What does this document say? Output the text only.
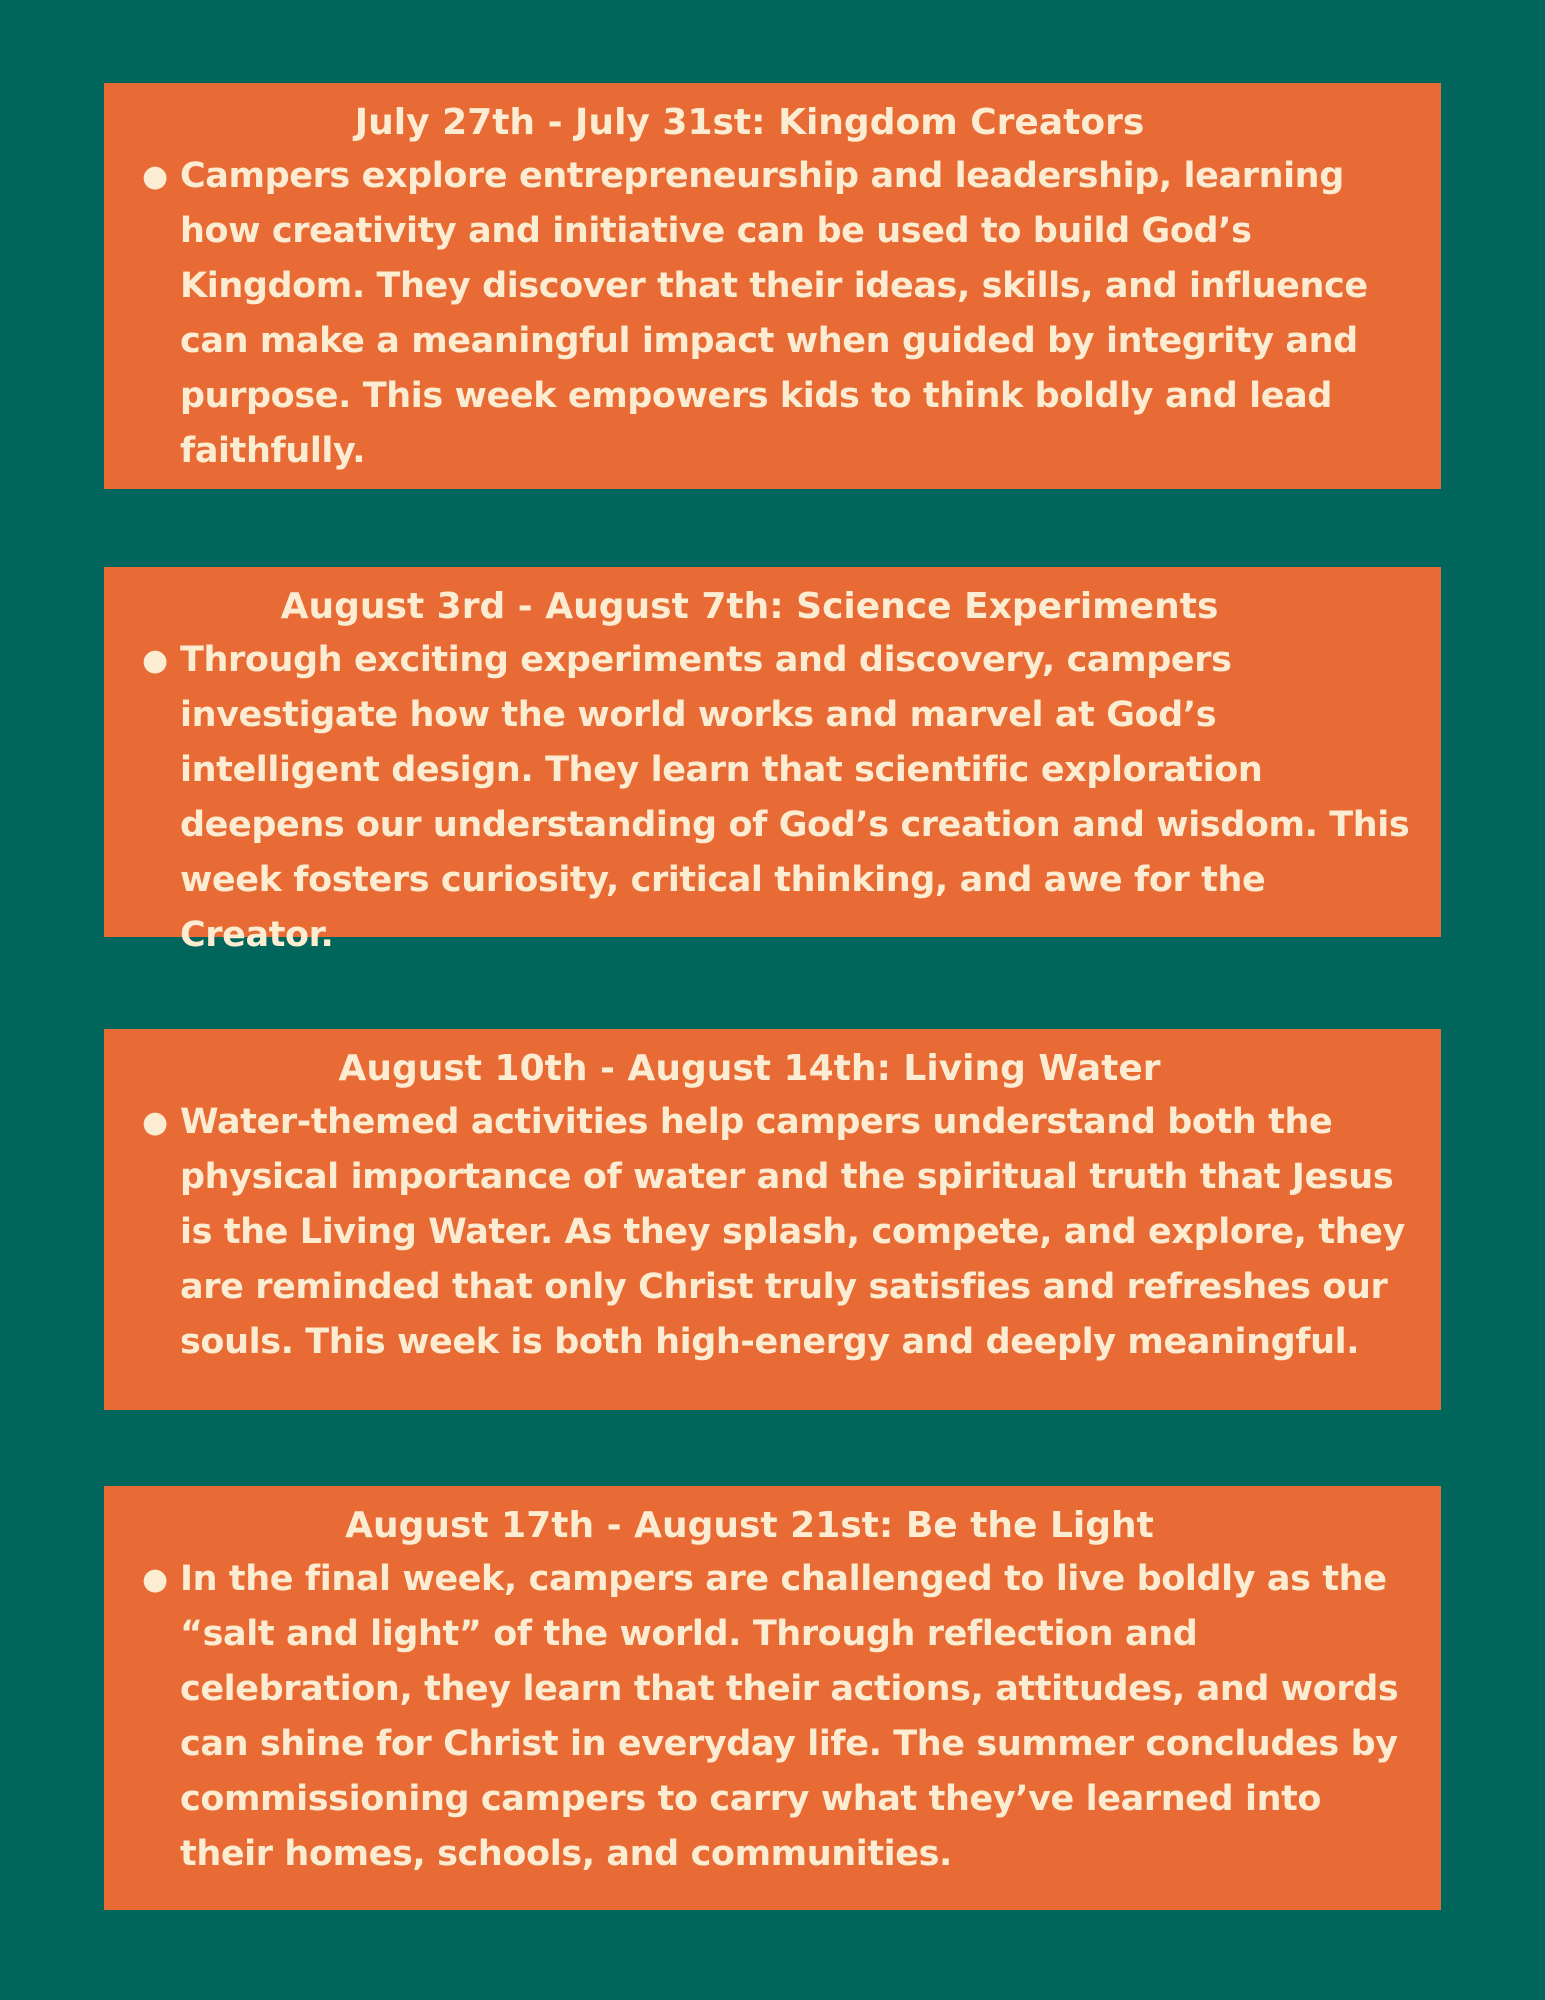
July 27th - July 31st: Kingdom Creators
● Campers explore entrepreneurship and leadership, learning how creativity and initiative can be used to build God’s Kingdom. They discover that their ideas, skills, and influence can make a meaningful impact when guided by integrity and purpose. This week empowers kids to think boldly and lead faithfully.
August 3rd - August 7th: Science Experiments
● Through exciting experiments and discovery, campers investigate how the world works and marvel at God’s intelligent design. They learn that scientific exploration deepens our understanding of God’s creation and wisdom. This week fosters curiosity, critical thinking, and awe for the Creator.
August 10th - August 14th: Living Water
● Water-themed activities help campers understand both the physical importance of water and the spiritual truth that Jesus is the Living Water. As they splash, compete, and explore, they are reminded that only Christ truly satisfies and refreshes our souls. This week is both high-energy and deeply meaningful.
August 17th - August 21st: Be the Light
● In the final week, campers are challenged to live boldly as the “salt and light” of the world. Through reflection and celebration, they learn that their actions, attitudes, and words can shine for Christ in everyday life. The summer concludes by commissioning campers to carry what they’ve learned into their homes, schools, and communities.
